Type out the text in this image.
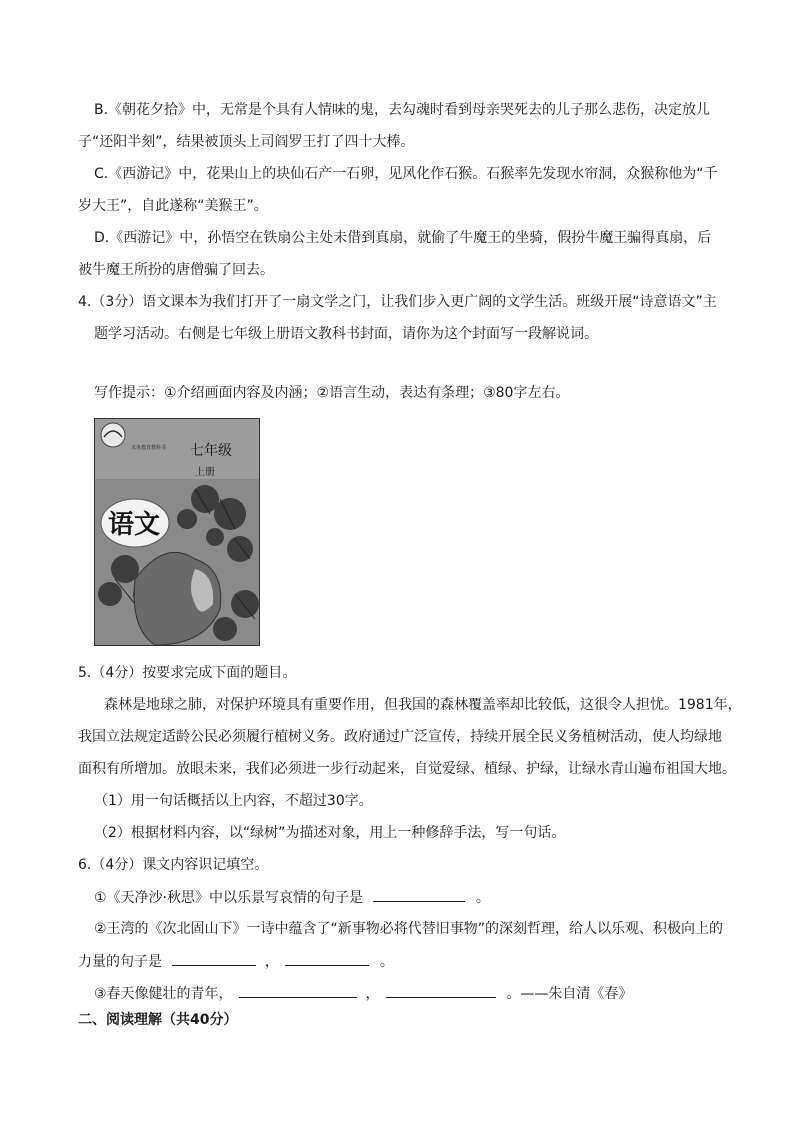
B.《朝花夕拾》中，无常是个具有人情味的鬼，去勾魂时看到母亲哭死去的儿子那么悲伤，决定放儿
子“还阳半刻”，结果被顶头上司阎罗王打了四十大棒。
C.《西游记》中，花果山上的块仙石产一石卵，见风化作石猴。石猴率先发现水帘洞，众猴称他为“千
岁大王”，自此遂称“美猴王”。
D.《西游记》中，孙悟空在铁扇公主处未借到真扇，就偷了牛魔王的坐骑，假扮牛魔王骗得真扇，后
被牛魔王所扮的唐僧骗了回去。
4.（3分）语文课本为我们打开了一扇文学之门，让我们步入更广阔的文学生活。班级开展“诗意语文”主
题学习活动。右侧是七年级上册语文教科书封面，请你为这个封面写一段解说词。
写作提示：①介绍画面内容及内涵；②语言生动，表达有条理；③80字左右。
义务教育教科书 七年级
上册
语文
5.（4分）按要求完成下面的题目。
森林是地球之肺，对保护环境具有重要作用，但我国的森林覆盖率却比较低，这很令人担忧。1981年，
我国立法规定适龄公民必须履行植树义务。政府通过广泛宣传，持续开展全民义务植树活动，使人均绿地
面积有所增加。放眼未来，我们必须进一步行动起来，自觉爱绿、植绿、护绿，让绿水青山遍布祖国大地。
（1）用一句话概括以上内容，不超过30字。
（2）根据材料内容，以“绿树”为描述对象，用上一种修辞手法，写一句话。
6.（4分）课文内容识记填空。
①《天净沙·秋思》中以乐景写哀情的句子是	。
②王湾的《次北固山下》一诗中蕴含了“新事物必将代替旧事物”的深刻哲理，给人以乐观、积极向上的
力量的句子是	，	。
③春天像健壮的青年，	，	。——朱自清《春》
二、阅读理解（共40分）
